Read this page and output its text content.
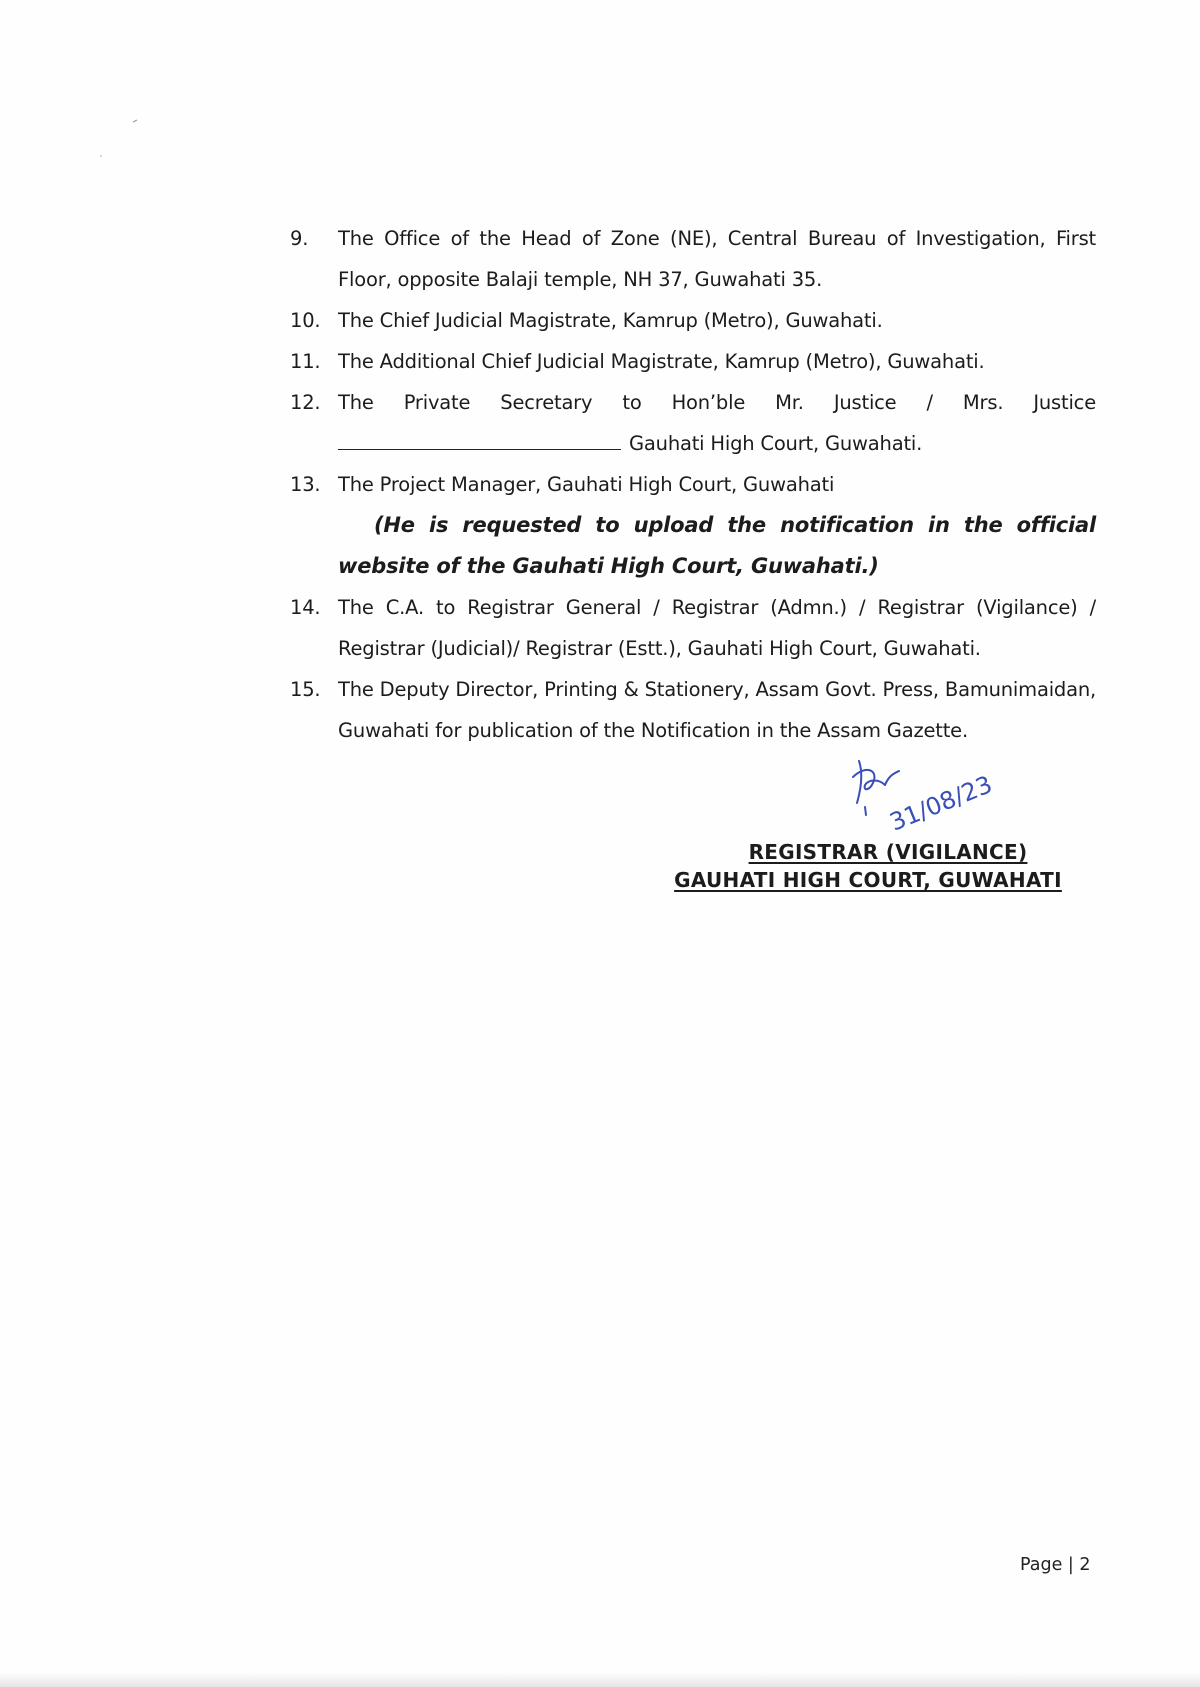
9. The Office of the Head of Zone (NE), Central Bureau of Investigation, First Floor, opposite Balaji temple, NH 37, Guwahati 35.
10. The Chief Judicial Magistrate, Kamrup (Metro), Guwahati.
11. The Additional Chief Judicial Magistrate, Kamrup (Metro), Guwahati.
12. The Private Secretary to Hon’ble Mr. Justice / Mrs. Justice
Gauhati High Court, Guwahati.
13. The Project Manager, Gauhati High Court, Guwahati
(He is requested to upload the notification in the official
website of the Gauhati High Court, Guwahati.)
14. The C.A. to Registrar General / Registrar (Admn.) / Registrar (Vigilance) / Registrar (Judicial)/ Registrar (Estt.), Gauhati High Court, Guwahati.
15. The Deputy Director, Printing & Stationery, Assam Govt. Press, Bamunimaidan, Guwahati for publication of the Notification in the Assam Gazette.
31/08/23
REGISTRAR (VIGILANCE)
GAUHATI HIGH COURT, GUWAHATI
Page | 2
